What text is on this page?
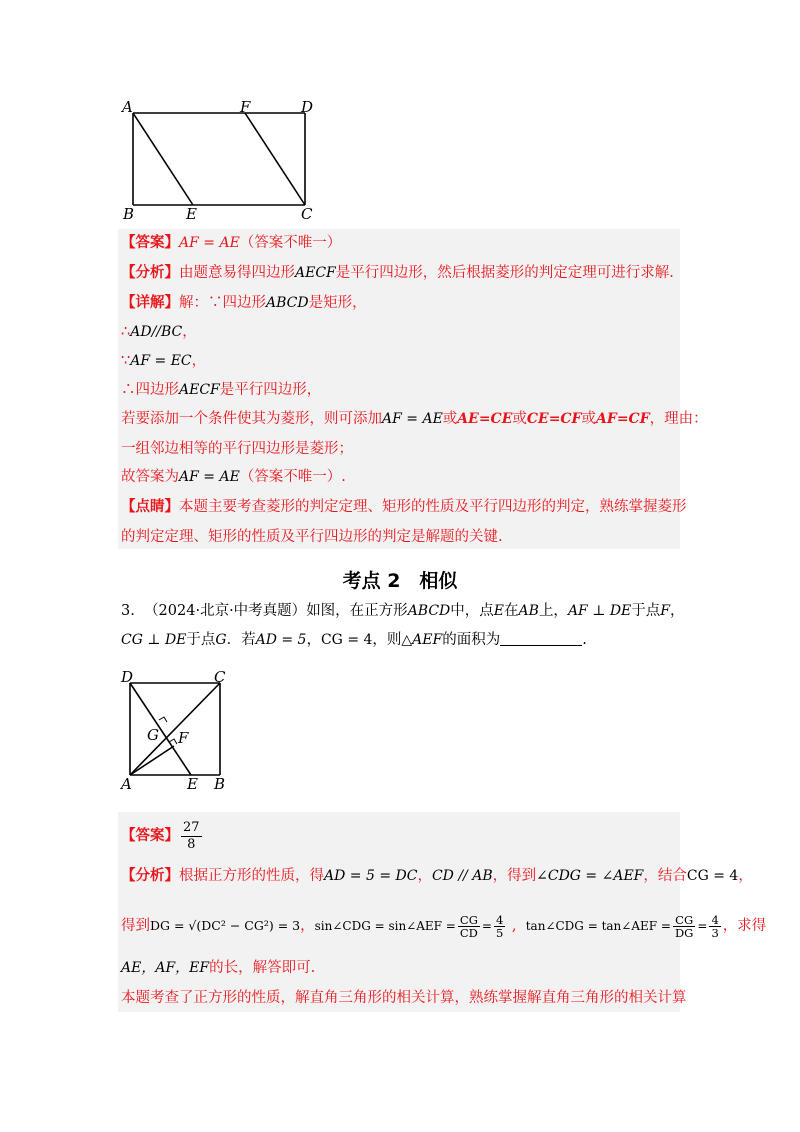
A	F	D
B	E	C
【答案】AF = AE（答案不唯一）
【分析】由题意易得四边形AECF是平行四边形，然后根据菱形的判定定理可进行求解.
【详解】解：∵四边形ABCD是矩形，
∴AD//BC，
∵AF = EC，
∴四边形AECF是平行四边形，
若要添加一个条件使其为菱形，则可添加AF = AE或AE=CE或CE=CF或AF=CF，理由：
一组邻边相等的平行四边形是菱形；
故答案为AF = AE（答案不唯一）.
【点睛】本题主要考查菱形的判定定理、矩形的性质及平行四边形的判定，熟练掌握菱形
的判定定理、矩形的性质及平行四边形的判定是解题的关键.
考点 2　相似
3. （2024·北京·中考真题）如图，在正方形ABCD中，点E在AB上，AF ⊥ DE于点F，
CG ⊥ DE于点G．若AD = 5，CG = 4，则△AEF的面积为	.
D	C
G F
A	E B
【答案】 $\frac{27}{8}$
【分析】根据正方形的性质，得AD = 5 = DC，CD // AB，得到∠CDG = ∠AEF，结合CG = 4，
得到DG = √(DC² − CG²) = 3，sin∠CDG = sin∠AEF = $\frac{CG}{CD} = \frac{4}{5}$ ,  tan∠CDG = tan∠AEF = $\frac{CG}{DG} = \frac{4}{3}$ ，求得
AE，AF，EF的长，解答即可.
本题考查了正方形的性质，解直角三角形的相关计算，熟练掌握解直角三角形的相关计算
